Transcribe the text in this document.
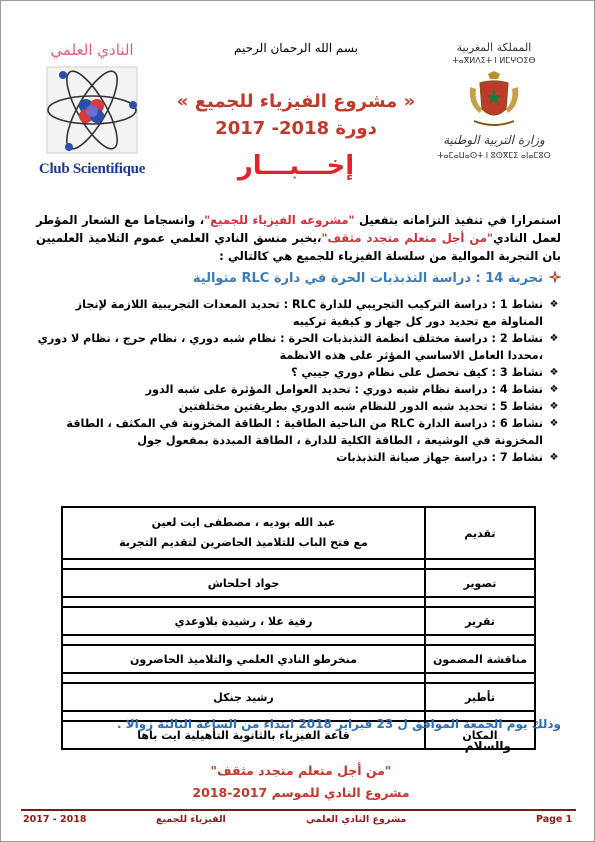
النادي العلمي
Club Scientifique
المملكة المغربية
ⵜⴰⴳⵍⴷⵉⵜ ⵏ ⵍⵎⵖⵔⵉⴱ
وزارة التربية الوطنية
ⵜⴰⵎⴰⵡⴰⵙⵜ ⵏ ⵓⵙⴳⵎⵉ ⴰⵏⴰⵎⵓⵔ
بسم الله الرحمان الرحيم
« مشروع الفيزياء للجميع »
دورة 2018- 2017
إخـــبـــار

استمرارا في تنفيذ التزاماته بتفعيل "مشروعه الفيزياء للجميع"، وانسجاما مع الشعار المؤطر لعمل النادي"من أجل متعلم متجدد مثقف"،يخبر منسق النادي العلمي عموم التلاميذ العلميين بان التجربة الموالية من سلسلة الفيزياء للجميع هي كالتالي :

تجربة 14 : دراسة التذبذبات الحرة في دارة RLC متوالية
❖
نشاط 1 : دراسة التركيب التجريبي للدارة RLC : تحديد المعدات التجريبية اللازمة لإنجاز المناولة مع تحديد دور كل جهاز و كيفية تركيبه
❖
نشاط 2 : دراسة مختلف انظمة التذبذبات الحرة : نظام شبه دوري ، نظام حرج ، نظام لا دوري ،محددا العامل الاساسي المؤثر على هذه الانظمة
❖
نشاط 3 : كيف نحصل على نظام دوري جيبي ؟
❖
نشاط 4 : دراسة نظام شبه دوري : تحديد العوامل المؤثرة على شبه الدور
❖
نشاط 5 : تحديد شبه الدور للنظام شبه الدوري بطريقتين مختلفتين
❖
نشاط 6 : دراسة الدارة RLC من الناحية الطاقية : الطاقة المخزونة في المكثف ، الطاقة المخزونة في الوشيعة ، الطاقة الكلية للدارة ، الطاقة المبددة بمفعول جول
❖
نشاط 7 : دراسة جهاز صيانة التذبذبات
تقديم	عبد الله بوديه ، مصطفى ايت لعين
مع فتح الباب للتلاميذ الحاضرين لتقديم التجربة

تصوير	جواد احلحاش

تقرير	رقية علا ، رشيدة بلاوعدي

مناقشة المضمون	منخرطو النادي العلمي والتلاميذ الحاضرون

تأطير	رشيد جنكل

المكان	قاعة الفيزياء بالثانوية التأهيلية ايت باها
وذلك يوم الجمعة الموافق ل 23 فبراير 2018 ابتداء من الساعة الثالثة زوالا .
والسلام
"من أجل متعلم متجدد مثقف"
مشروع النادي للموسم 2017-2018
2017 - 2018	الفيزياء للجميع	مشروع النادي العلمي	Page 1
